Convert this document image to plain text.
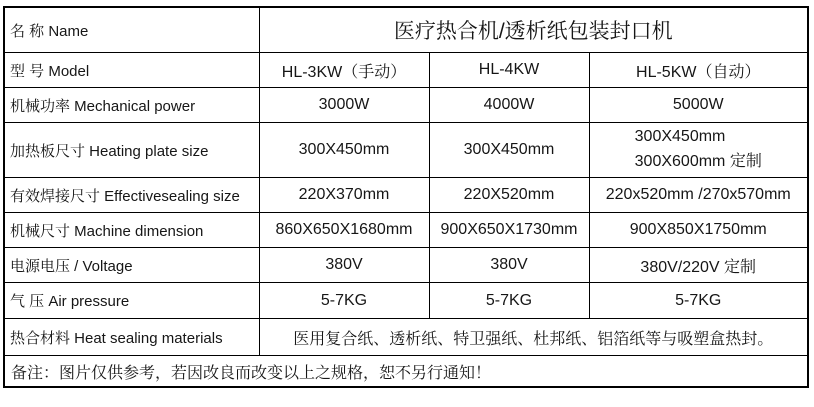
名 称 Name	医疗热合机/透析纸包装封口机		
型 号 Model	HL-3KW（手动）	HL-4KW	HL-5KW（自动）
机械功率 Mechanical power	3000W	4000W	5000W
加热板尺寸 Heating plate size	300X450mm	300X450mm	300X450mm
300X600mm 定制

有效焊接尺寸 Effectivesealing size	220X370mm	220X520mm	220x520mm /270x570mm
机械尺寸 Machine dimension	860X650X1680mm	900X650X1730mm	900X850X1750mm
电源电压 / Voltage	380V	380V	380V/220V 定制
气 压 Air pressure	5-7KG	5-7KG	5-7KG
热合材料 Heat sealing materials	医用复合纸、透析纸、特卫强纸、杜邦纸、铝箔纸等与吸塑盒热封。		
备注：图片仅供参考，若因改良而改变以上之规格，恕不另行通知！			
